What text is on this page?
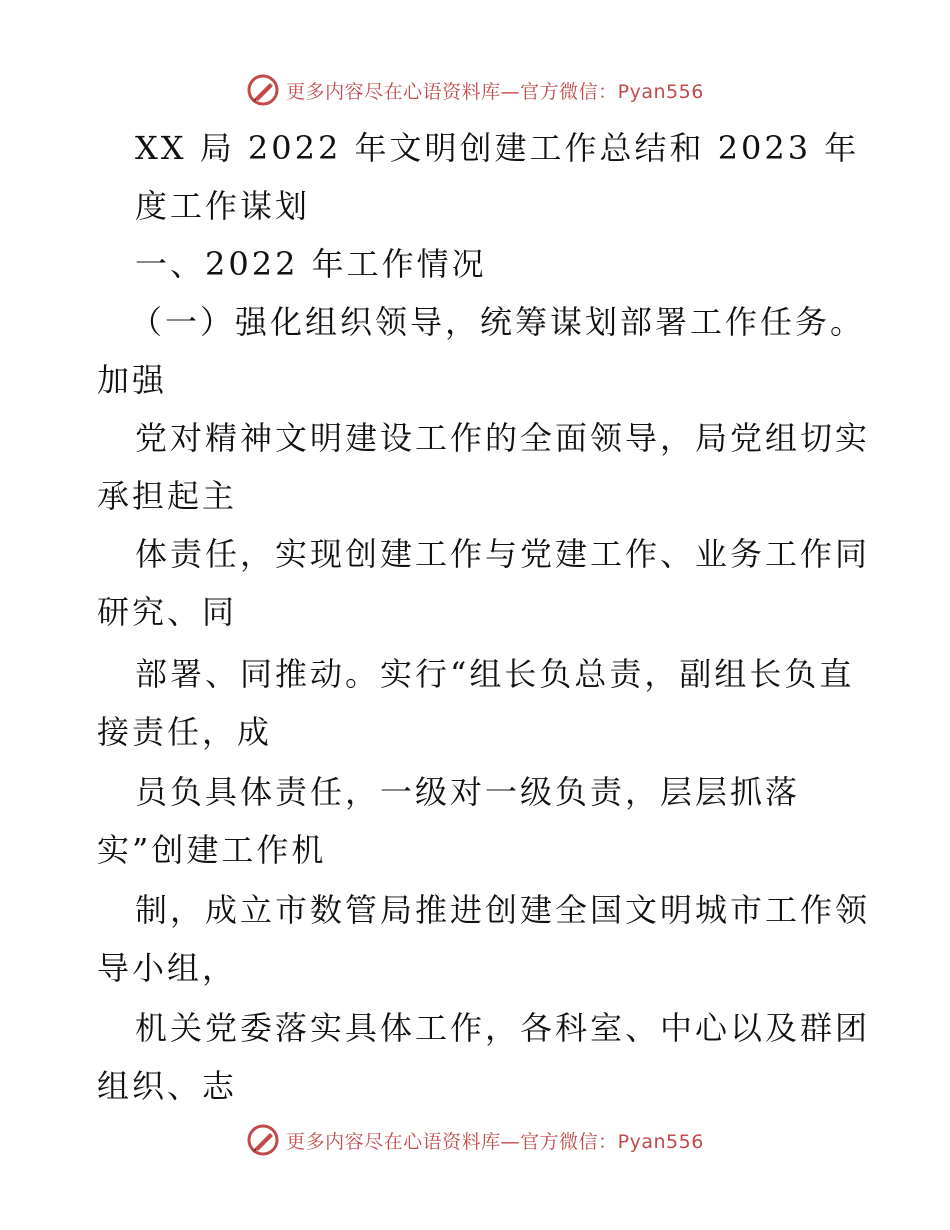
更多内容尽在心语资料库—官方微信：Pyan556
XX 局 2022 年文明创建工作总结和 2023 年
度工作谋划
一、2022 年工作情况
（一）强化组织领导，统筹谋划部署工作任务。
加强
党对精神文明建设工作的全面领导，局党组切实
承担起主
体责任，实现创建工作与党建工作、业务工作同
研究、同
部署、同推动。实行“组长负总责，副组长负直
接责任，成
员负具体责任，一级对一级负责，层层抓落
实”创建工作机
制，成立市数管局推进创建全国文明城市工作领
导小组，
机关党委落实具体工作，各科室、中心以及群团
组织、志
更多内容尽在心语资料库—官方微信：Pyan556
